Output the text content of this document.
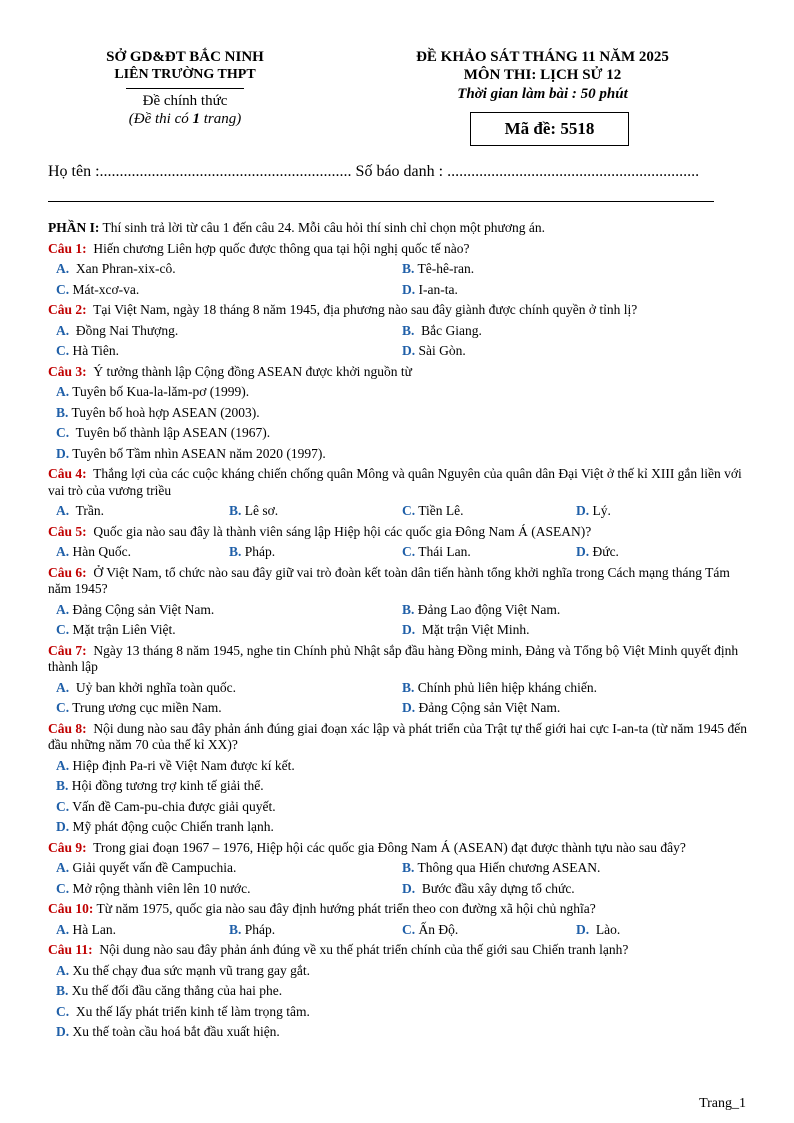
SỞ GD&ĐT BẮC NINH
LIÊN TRƯỜNG THPT
Đề chính thức
(Đề thi có 1 trang)
ĐỀ KHẢO SÁT THÁNG 11 NĂM 2025
MÔN THI: LỊCH SỬ 12
Thời gian làm bài : 50 phút
Mã đề: 5518
Họ tên :............................................................... Số báo danh : ...............................................................
PHẦN I: Thí sinh trả lời từ câu 1 đến câu 24. Mỗi câu hỏi thí sinh chỉ chọn một phương án.
Câu 1: Hiến chương Liên hợp quốc được thông qua tại hội nghị quốc tế nào?
A. Xan Phran-xix-cô.	B. Tê-hê-ran.
C. Mát-xcơ-va.	D. I-an-ta.
Câu 2: Tại Việt Nam, ngày 18 tháng 8 năm 1945, địa phương nào sau đây giành được chính quyền ở tỉnh lị?
A. Đồng Nai Thượng.	B. Bắc Giang.
C. Hà Tiên.	D. Sài Gòn.
Câu 3: Ý tưởng thành lập Cộng đồng ASEAN được khởi nguồn từ
A. Tuyên bố Kua-la-lăm-pơ (1999).
B. Tuyên bố hoà hợp ASEAN (2003).
C. Tuyên bố thành lập ASEAN (1967).
D. Tuyên bố Tầm nhìn ASEAN năm 2020 (1997).
Câu 4: Thắng lợi của các cuộc kháng chiến chống quân Mông và quân Nguyên của quân dân Đại Việt ở thế kỉ XIII gắn liền với vai trò của vương triều
A. Trần.	B. Lê sơ.	C. Tiền Lê.	D. Lý.
Câu 5: Quốc gia nào sau đây là thành viên sáng lập Hiệp hội các quốc gia Đông Nam Á (ASEAN)?
A. Hàn Quốc.	B. Pháp.	C. Thái Lan.	D. Đức.
Câu 6: Ở Việt Nam, tổ chức nào sau đây giữ vai trò đoàn kết toàn dân tiến hành tổng khởi nghĩa trong Cách mạng tháng Tám năm 1945?
A. Đảng Cộng sản Việt Nam.	B. Đảng Lao động Việt Nam.
C. Mặt trận Liên Việt.	D. Mặt trận Việt Minh.
Câu 7: Ngày 13 tháng 8 năm 1945, nghe tin Chính phủ Nhật sắp đầu hàng Đồng minh, Đảng và Tổng bộ Việt Minh quyết định thành lập
A. Uỷ ban khởi nghĩa toàn quốc.	B. Chính phủ liên hiệp kháng chiến.
C. Trung ương cục miền Nam.	D. Đảng Cộng sản Việt Nam.
Câu 8: Nội dung nào sau đây phản ánh đúng giai đoạn xác lập và phát triển của Trật tự thế giới hai cực I-an-ta (từ năm 1945 đến đầu những năm 70 của thế kỉ XX)?
A. Hiệp định Pa-ri về Việt Nam được kí kết.
B. Hội đồng tương trợ kinh tế giải thể.
C. Vấn đề Cam-pu-chia được giải quyết.
D. Mỹ phát động cuộc Chiến tranh lạnh.
Câu 9: Trong giai đoạn 1967 – 1976, Hiệp hội các quốc gia Đông Nam Á (ASEAN) đạt được thành tựu nào sau đây?
A. Giải quyết vấn đề Campuchia.	B. Thông qua Hiến chương ASEAN.
C. Mở rộng thành viên lên 10 nước.	D. Bước đầu xây dựng tổ chức.
Câu 10: Từ năm 1975, quốc gia nào sau đây định hướng phát triển theo con đường xã hội chủ nghĩa?
A. Hà Lan.	B. Pháp.	C. Ấn Độ.	D. Lào.
Câu 11: Nội dung nào sau đây phản ánh đúng về xu thế phát triển chính của thế giới sau Chiến tranh lạnh?
A. Xu thế chạy đua sức mạnh vũ trang gay gắt.
B. Xu thế đối đầu căng thẳng của hai phe.
C. Xu thế lấy phát triển kinh tế làm trọng tâm.
D. Xu thế toàn cầu hoá bắt đầu xuất hiện.
Trang_1
